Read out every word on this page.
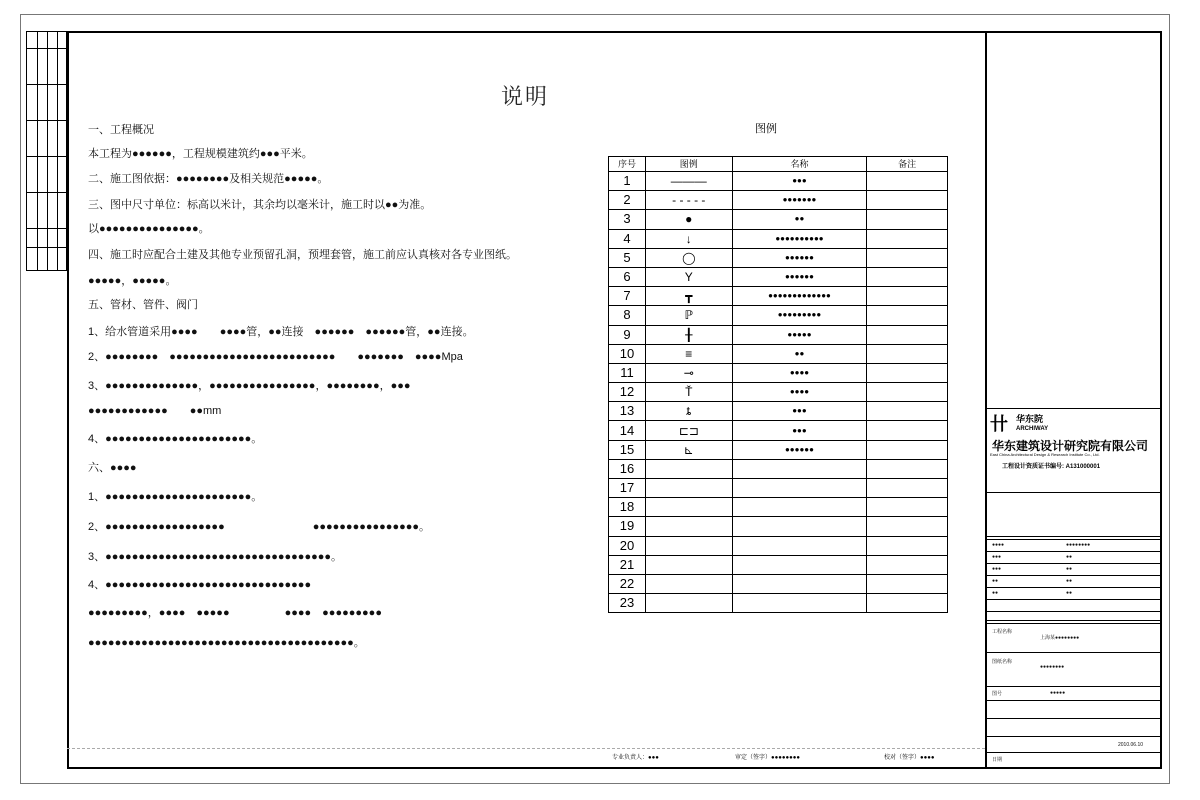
说明
一、工程概况
本工程为●●●●●●，工程规模建筑约●●●平米。
二、施工图依据：●●●●●●●●及相关规范●●●●●。
三、图中尺寸单位：标高以米计，其余均以毫米计，施工时以●●为准。
以●●●●●●●●●●●●●●●。
四、施工时应配合土建及其他专业预留孔洞，预埋套管，施工前应认真核对各专业图纸。
●●●●●，●●●●●。
五、管材、管件、阀门
1、给水管道采用●●●●　　●●●●管，●●连接　●●●●●●　●●●●●●管，●●连接。
2、●●●●●●●●　●●●●●●●●●●●●●●●●●●●●●●●●●　　●●●●●●●　●●●●Mpa
3、●●●●●●●●●●●●●●，●●●●●●●●●●●●●●●●，●●●●●●●●，●●●
●●●●●●●●●●●●　　●●mm
4、●●●●●●●●●●●●●●●●●●●●●●。
六、●●●●
1、●●●●●●●●●●●●●●●●●●●●●●。
2、●●●●●●●●●●●●●●●●●●　　　　　　　　●●●●●●●●●●●●●●●●。
3、●●●●●●●●●●●●●●●●●●●●●●●●●●●●●●●●●●。
4、●●●●●●●●●●●●●●●●●●●●●●●●●●●●●●●
●●●●●●●●●，●●●●　●●●●●　　　　　●●●●　●●●●●●●●●
●●●●●●●●●●●●●●●●●●●●●●●●●●●●●●●●●●●●●●●●。
图例
序号	图例	名称	备注
1	———	●●●	
2	- - - - -	●●●●●●●	
3	●	●●	
4	↓	●●●●●●●●●●	
5	◯	●●●●●●	
6	Y	●●●●●●	
7	┳	●●●●●●●●●●●●●	
8	ℙ	●●●●●●●●●	
9	╂	●●●●●	
10	≡	●●	
11	⊸	●●●●	
12	Ť	●●●●	
13	ȶ	●●●	
14	⊏⊐	●●●	
15	⊾	●●●●●●	
16			
17			
18			
19			
20			
21			
22			
23			
卄 华东院
ARCHIWAY
华东建筑设计研究院有限公司
East China Architectural Design & Research Institute Co., Ltd.
工程设计资质证书编号: A131000001
●●●●	●●●●●●●●
●●●	●●
●●●	●●
●●	●●
●●	●●
工程名称
上海某●●●●●●●●
图纸名称
●●●●●●●●
图号	●●●●●
日期
2010.06.10
专业负责人：●●●	审定（签字）●●●●●●●●	校对（签字）●●●●
